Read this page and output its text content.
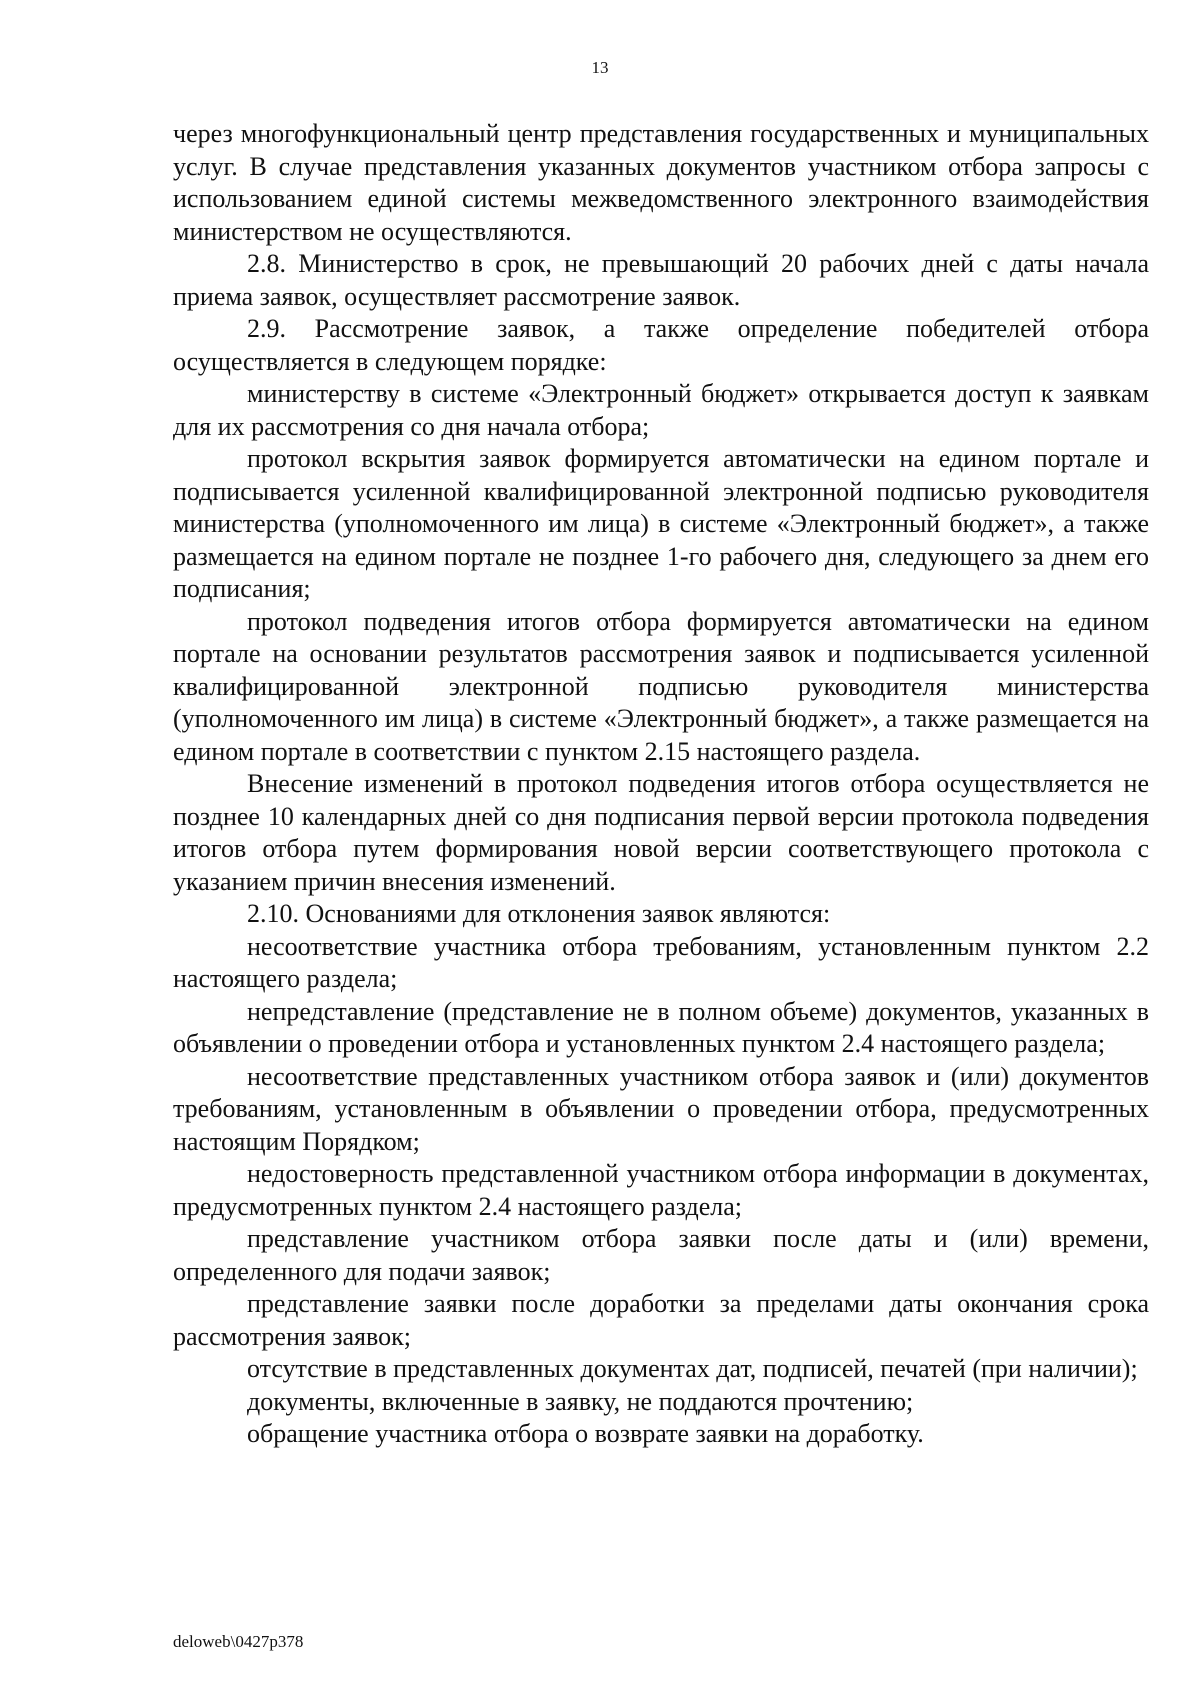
13

через многофункциональный центр представления государственных и муниципальных услуг. В случае представления указанных документов участником отбора запросы с использованием единой системы межведомственного электронного взаимодействия министерством не осуществляются.

2.8. Министерство в срок, не превышающий 20 рабочих дней с даты начала приема заявок, осуществляет рассмотрение заявок.

2.9. Рассмотрение заявок, а также определение победителей отбора осуществляется в следующем порядке:

министерству в системе «Электронный бюджет» открывается доступ к заявкам для их рассмотрения со дня начала отбора;

протокол вскрытия заявок формируется автоматически на едином портале и подписывается усиленной квалифицированной электронной подписью руководителя министерства (уполномоченного им лица) в системе «Электронный бюджет», а также размещается на едином портале не позднее 1-го рабочего дня, следующего за днем его подписания;

протокол подведения итогов отбора формируется автоматически на едином портале на основании результатов рассмотрения заявок и подписывается усиленной квалифицированной электронной подписью руководителя министерства (уполномоченного им лица) в системе «Электронный бюджет», а также размещается на едином портале в соответствии с пунктом 2.15 настоящего раздела.

Внесение изменений в протокол подведения итогов отбора осуществляется не позднее 10 календарных дней со дня подписания первой версии протокола подведения итогов отбора путем формирования новой версии соответствующего протокола с указанием причин внесения изменений.

2.10. Основаниями для отклонения заявок являются:

несоответствие участника отбора требованиям, установленным пунктом 2.2 настоящего раздела;

непредставление (представление не в полном объеме) документов, указанных в объявлении о проведении отбора и установленных пунктом 2.4 настоящего раздела;

несоответствие представленных участником отбора заявок и (или) документов требованиям, установленным в объявлении о проведении отбора, предусмотренных настоящим Порядком;

недостоверность представленной участником отбора информации в документах, предусмотренных пунктом 2.4 настоящего раздела;

представление участником отбора заявки после даты и (или) времени, определенного для подачи заявок;

представление заявки после доработки за пределами даты окончания срока рассмотрения заявок;

отсутствие в представленных документах дат, подписей, печатей (при наличии);

документы, включенные в заявку, не поддаются прочтению;

обращение участника отбора о возврате заявки на доработку.

deloweb\0427p378
